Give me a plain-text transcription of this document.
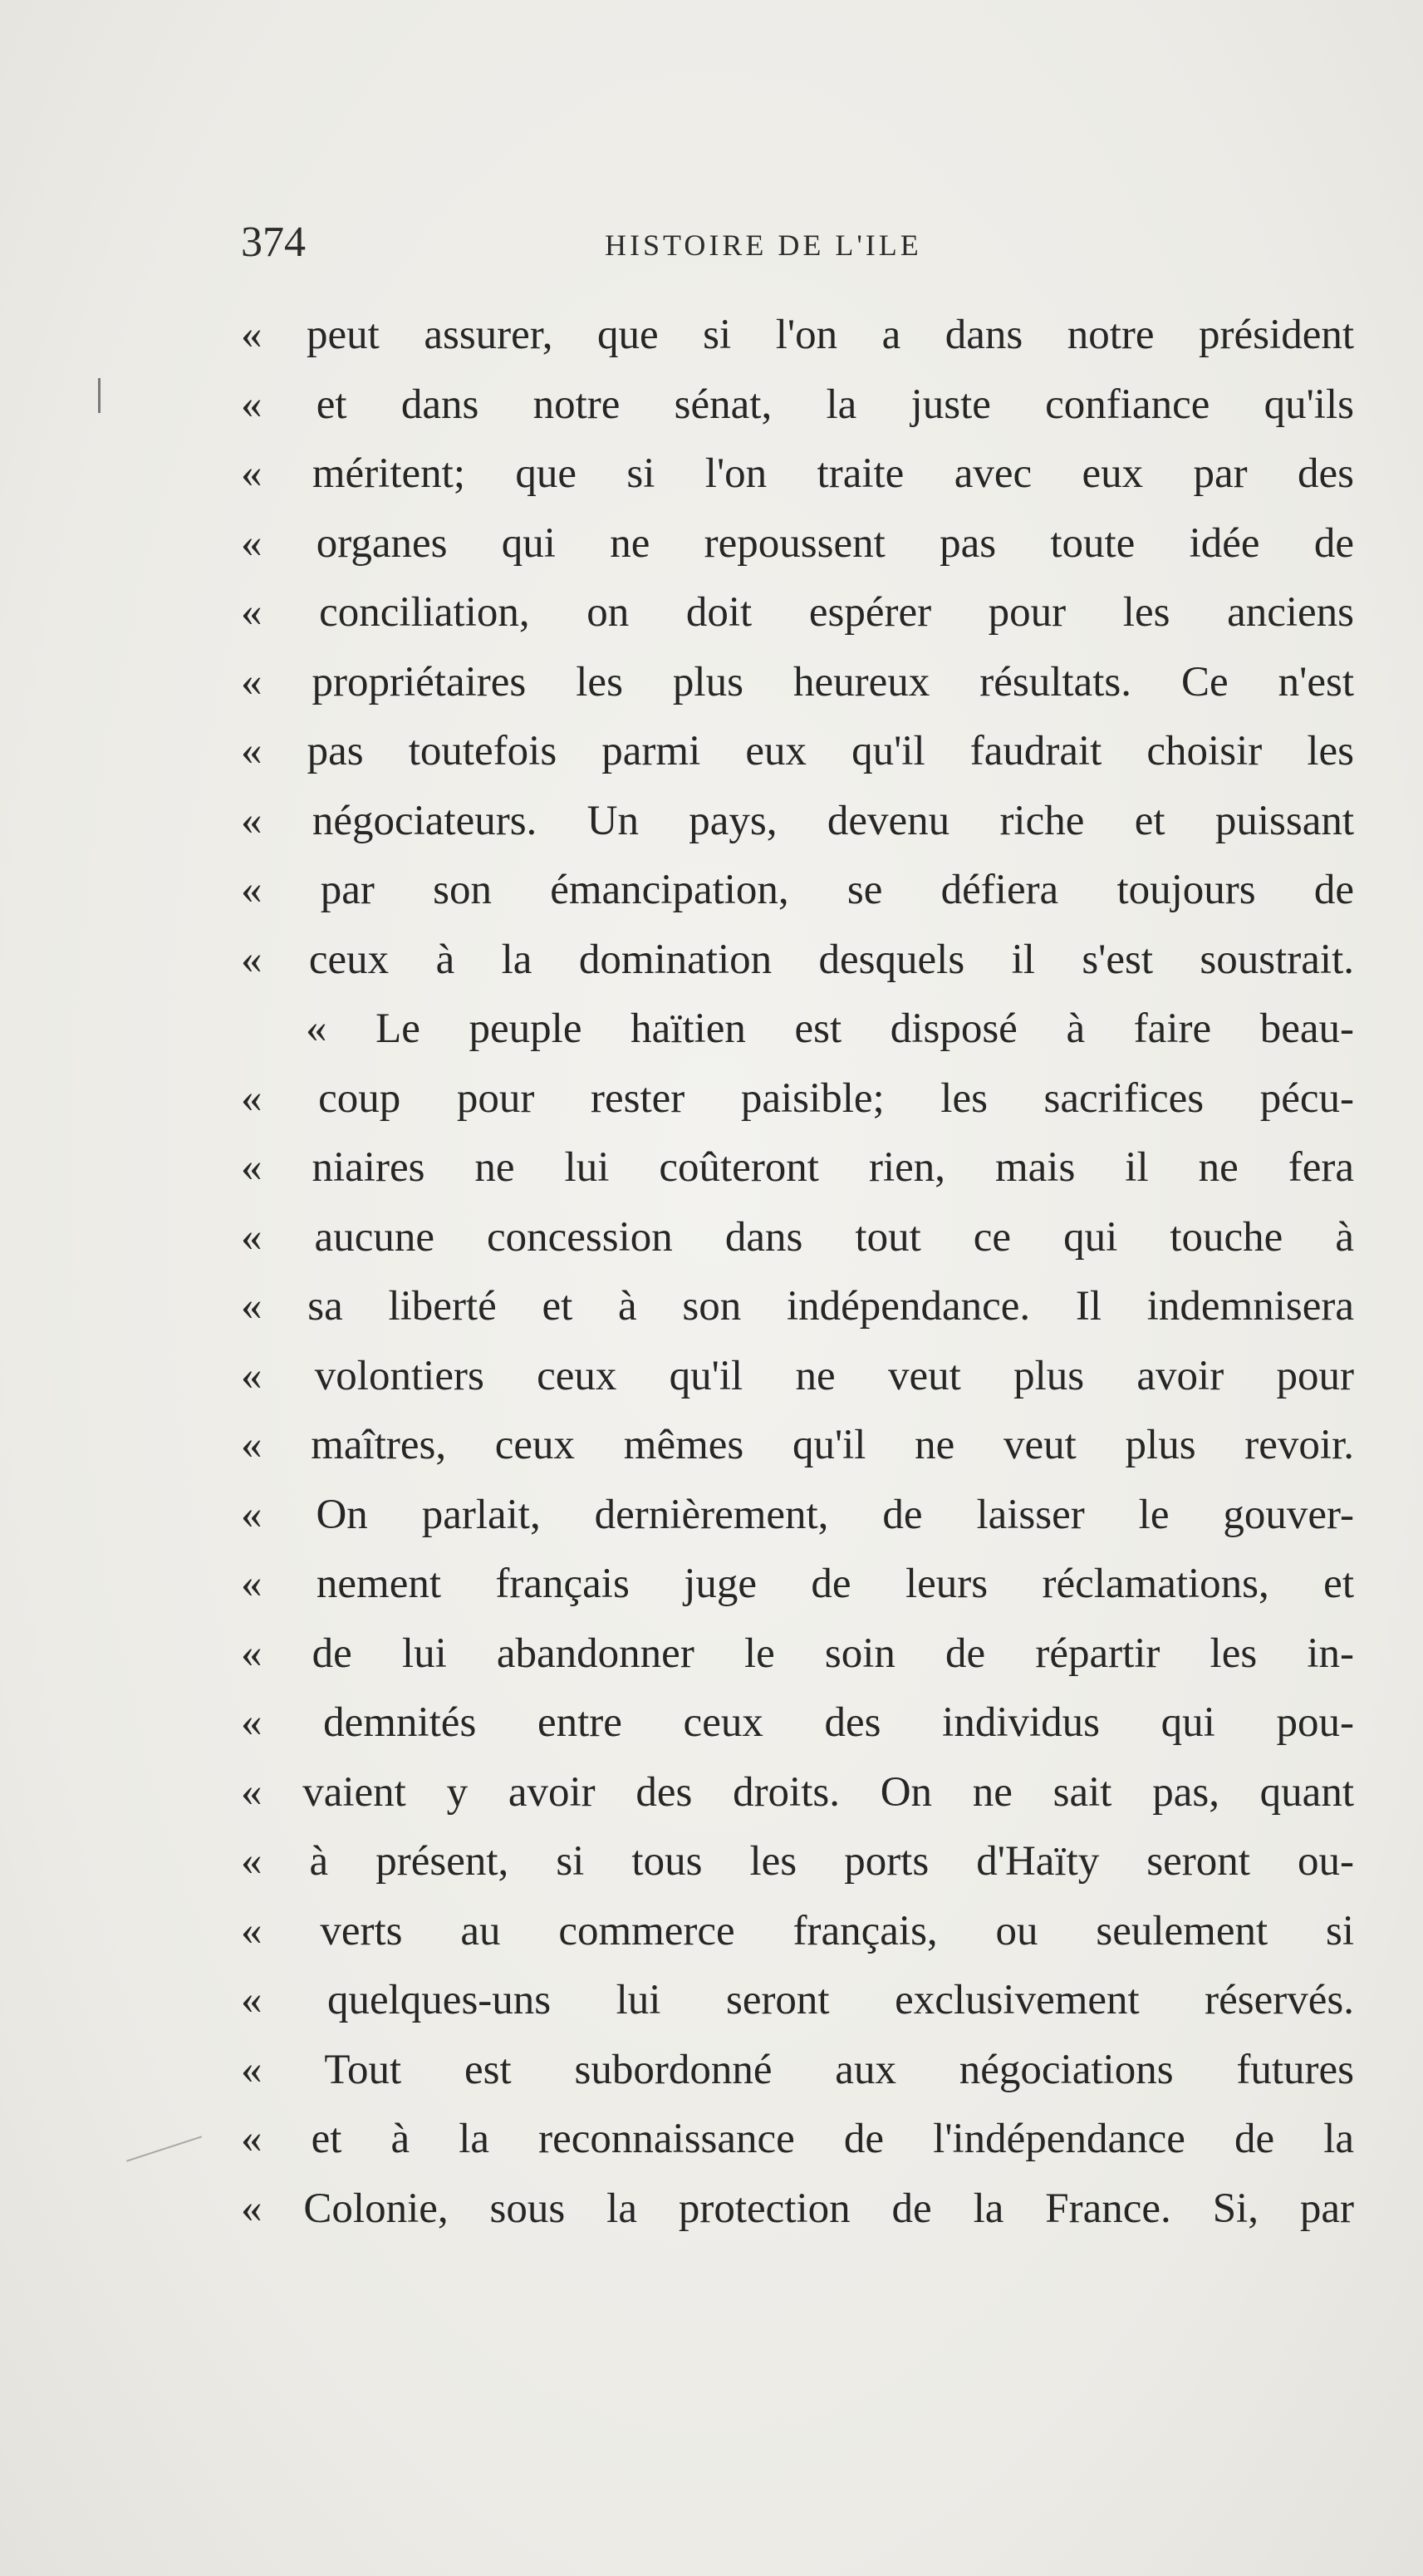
374	HISTOIRE DE L'ILE
« peut assurer, que si l'on a dans notre président
« et dans notre sénat, la juste confiance qu'ils
« méritent; que si l'on traite avec eux par des
« organes qui ne repoussent pas toute idée de
« conciliation, on doit espérer pour les anciens
« propriétaires les plus heureux résultats. Ce n'est
« pas toutefois parmi eux qu'il faudrait choisir les
« négociateurs. Un pays, devenu riche et puissant
« par son émancipation, se défiera toujours de
« ceux à la domination desquels il s'est soustrait.
« Le peuple haïtien est disposé à faire beau-
« coup pour rester paisible; les sacrifices pécu-
« niaires ne lui coûteront rien, mais il ne fera
« aucune concession dans tout ce qui touche à
« sa liberté et à son indépendance. Il indemnisera
« volontiers ceux qu'il ne veut plus avoir pour
« maîtres, ceux mêmes qu'il ne veut plus revoir.
« On parlait, dernièrement, de laisser le gouver-
« nement français juge de leurs réclamations, et
« de lui abandonner le soin de répartir les in-
« demnités entre ceux des individus qui pou-
« vaient y avoir des droits. On ne sait pas, quant
« à présent, si tous les ports d'Haïty seront ou-
« verts au commerce français, ou seulement si
« quelques-uns lui seront exclusivement réservés.
« Tout est subordonné aux négociations futures
« et à la reconnaissance de l'indépendance de la
« Colonie, sous la protection de la France. Si, par
